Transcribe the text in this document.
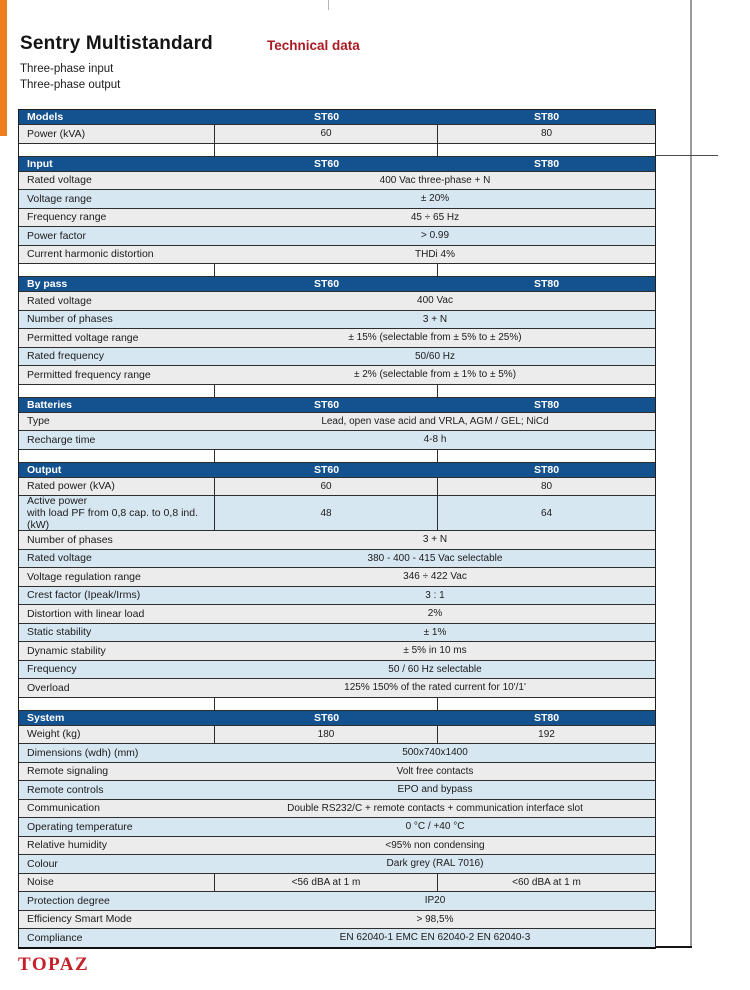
Sentry Multistandard	Technical data
Three-phase input
Three-phase output
Models	ST60	ST80
Power (kVA)	60	80
Input	ST60	ST80
Rated voltage	400 Vac three-phase + N
Voltage range	± 20%
Frequency range	45 ÷ 65 Hz
Power factor	> 0.99
Current harmonic distortion	THDi 4%
By pass	ST60	ST80
Rated voltage	400 Vac
Number of phases	3 + N
Permitted voltage range	± 15% (selectable from ± 5% to ± 25%)
Rated frequency	50/60 Hz
Permitted frequency range	± 2% (selectable from ± 1% to ± 5%)
Batteries	ST60	ST80
Type	Lead, open vase acid and VRLA, AGM / GEL; NiCd
Recharge time	4-8 h
Output	ST60	ST80
Rated power (kVA)	60	80
Active power
with load PF from 0,8 cap. to 0,8 ind. (kW)
48	64
Number of phases	3 + N
Rated voltage	380 - 400 - 415 Vac selectable
Voltage regulation range	346 ÷ 422 Vac
Crest factor (Ipeak/Irms)	3 : 1
Distortion with linear load	2%
Static stability	± 1%
Dynamic stability	± 5% in 10 ms
Frequency	50 / 60 Hz selectable
Overload	125% 150% of the rated current for 10'/1'
System	ST60	ST80
Weight (kg)	180	192
Dimensions (wdh) (mm)	500x740x1400
Remote signaling	Volt free contacts
Remote controls	EPO and bypass
Communication	Double RS232/C + remote contacts + communication interface slot
Operating temperature	0 °C / +40 °C
Relative humidity	<95% non condensing
Colour	Dark grey (RAL 7016)
Noise	<56 dBA at 1 m	<60 dBA at 1 m
Protection degree	IP20
Efficiency Smart Mode	> 98,5%
Compliance	EN 62040-1 EMC EN 62040-2 EN 62040-3
TOPAZ
